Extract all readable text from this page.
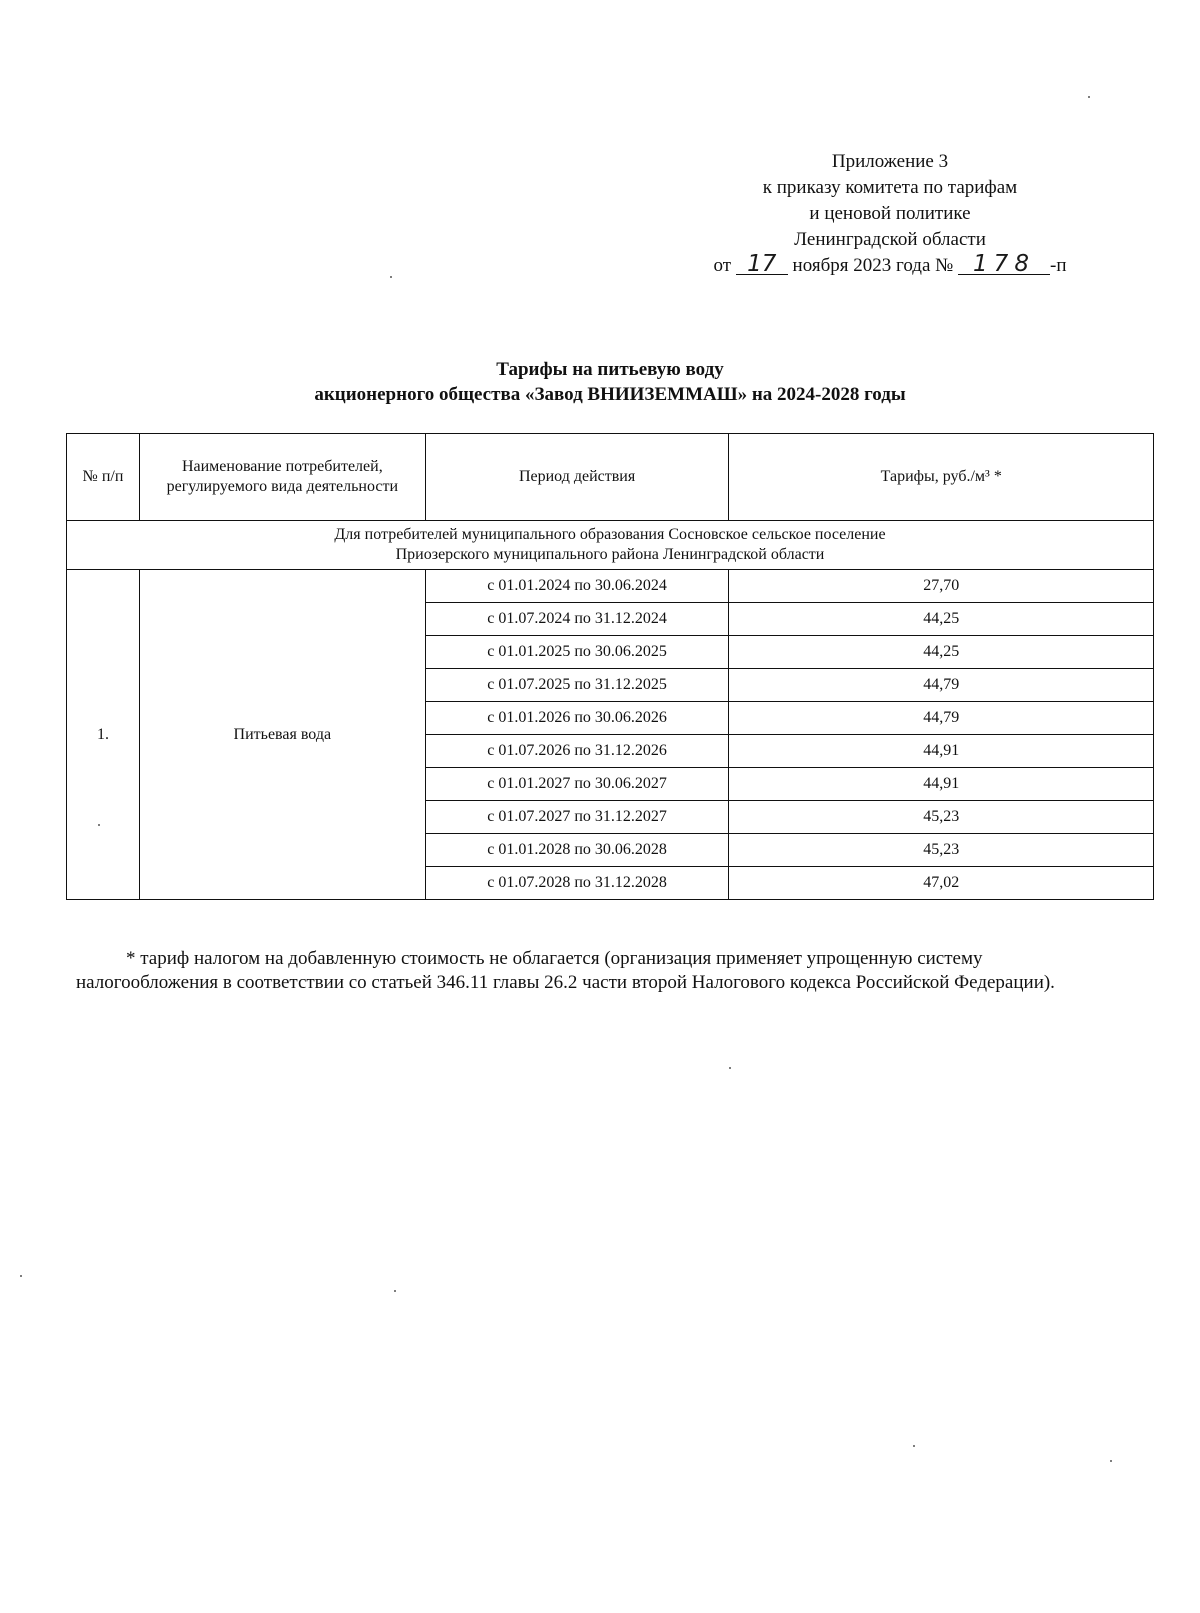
Приложение 3
к приказу комитета по тарифам
и ценовой политике
Ленинградской области
от 17 ноября 2023 года № 178 -п
Тарифы на питьевую воду
акционерного общества «Завод ВНИИЗЕММАШ» на 2024-2028 годы
№ п/п	Наименование потребителей, регулируемого вида деятельности	Период действия	Тарифы, руб./м³ *

Для потребителей муниципального образования Сосновское сельское поселение
Приозерского муниципального района Ленинградской области			

1.	Питьевая вода	с 01.01.2024 по 30.06.2024	27,70
		с 01.07.2024 по 31.12.2024	44,25
		с 01.01.2025 по 30.06.2025	44,25
		с 01.07.2025 по 31.12.2025	44,79
		с 01.01.2026 по 30.06.2026	44,79
		с 01.07.2026 по 31.12.2026	44,91
		с 01.01.2027 по 30.06.2027	44,91
		с 01.07.2027 по 31.12.2027	45,23
		с 01.01.2028 по 30.06.2028	45,23
		с 01.07.2028 по 31.12.2028	47,02
* тариф налогом на добавленную стоимость не облагается (организация применяет упрощенную систему
налогообложения в соответствии со статьей 346.11 главы 26.2 части второй Налогового кодекса Российской Федерации).
